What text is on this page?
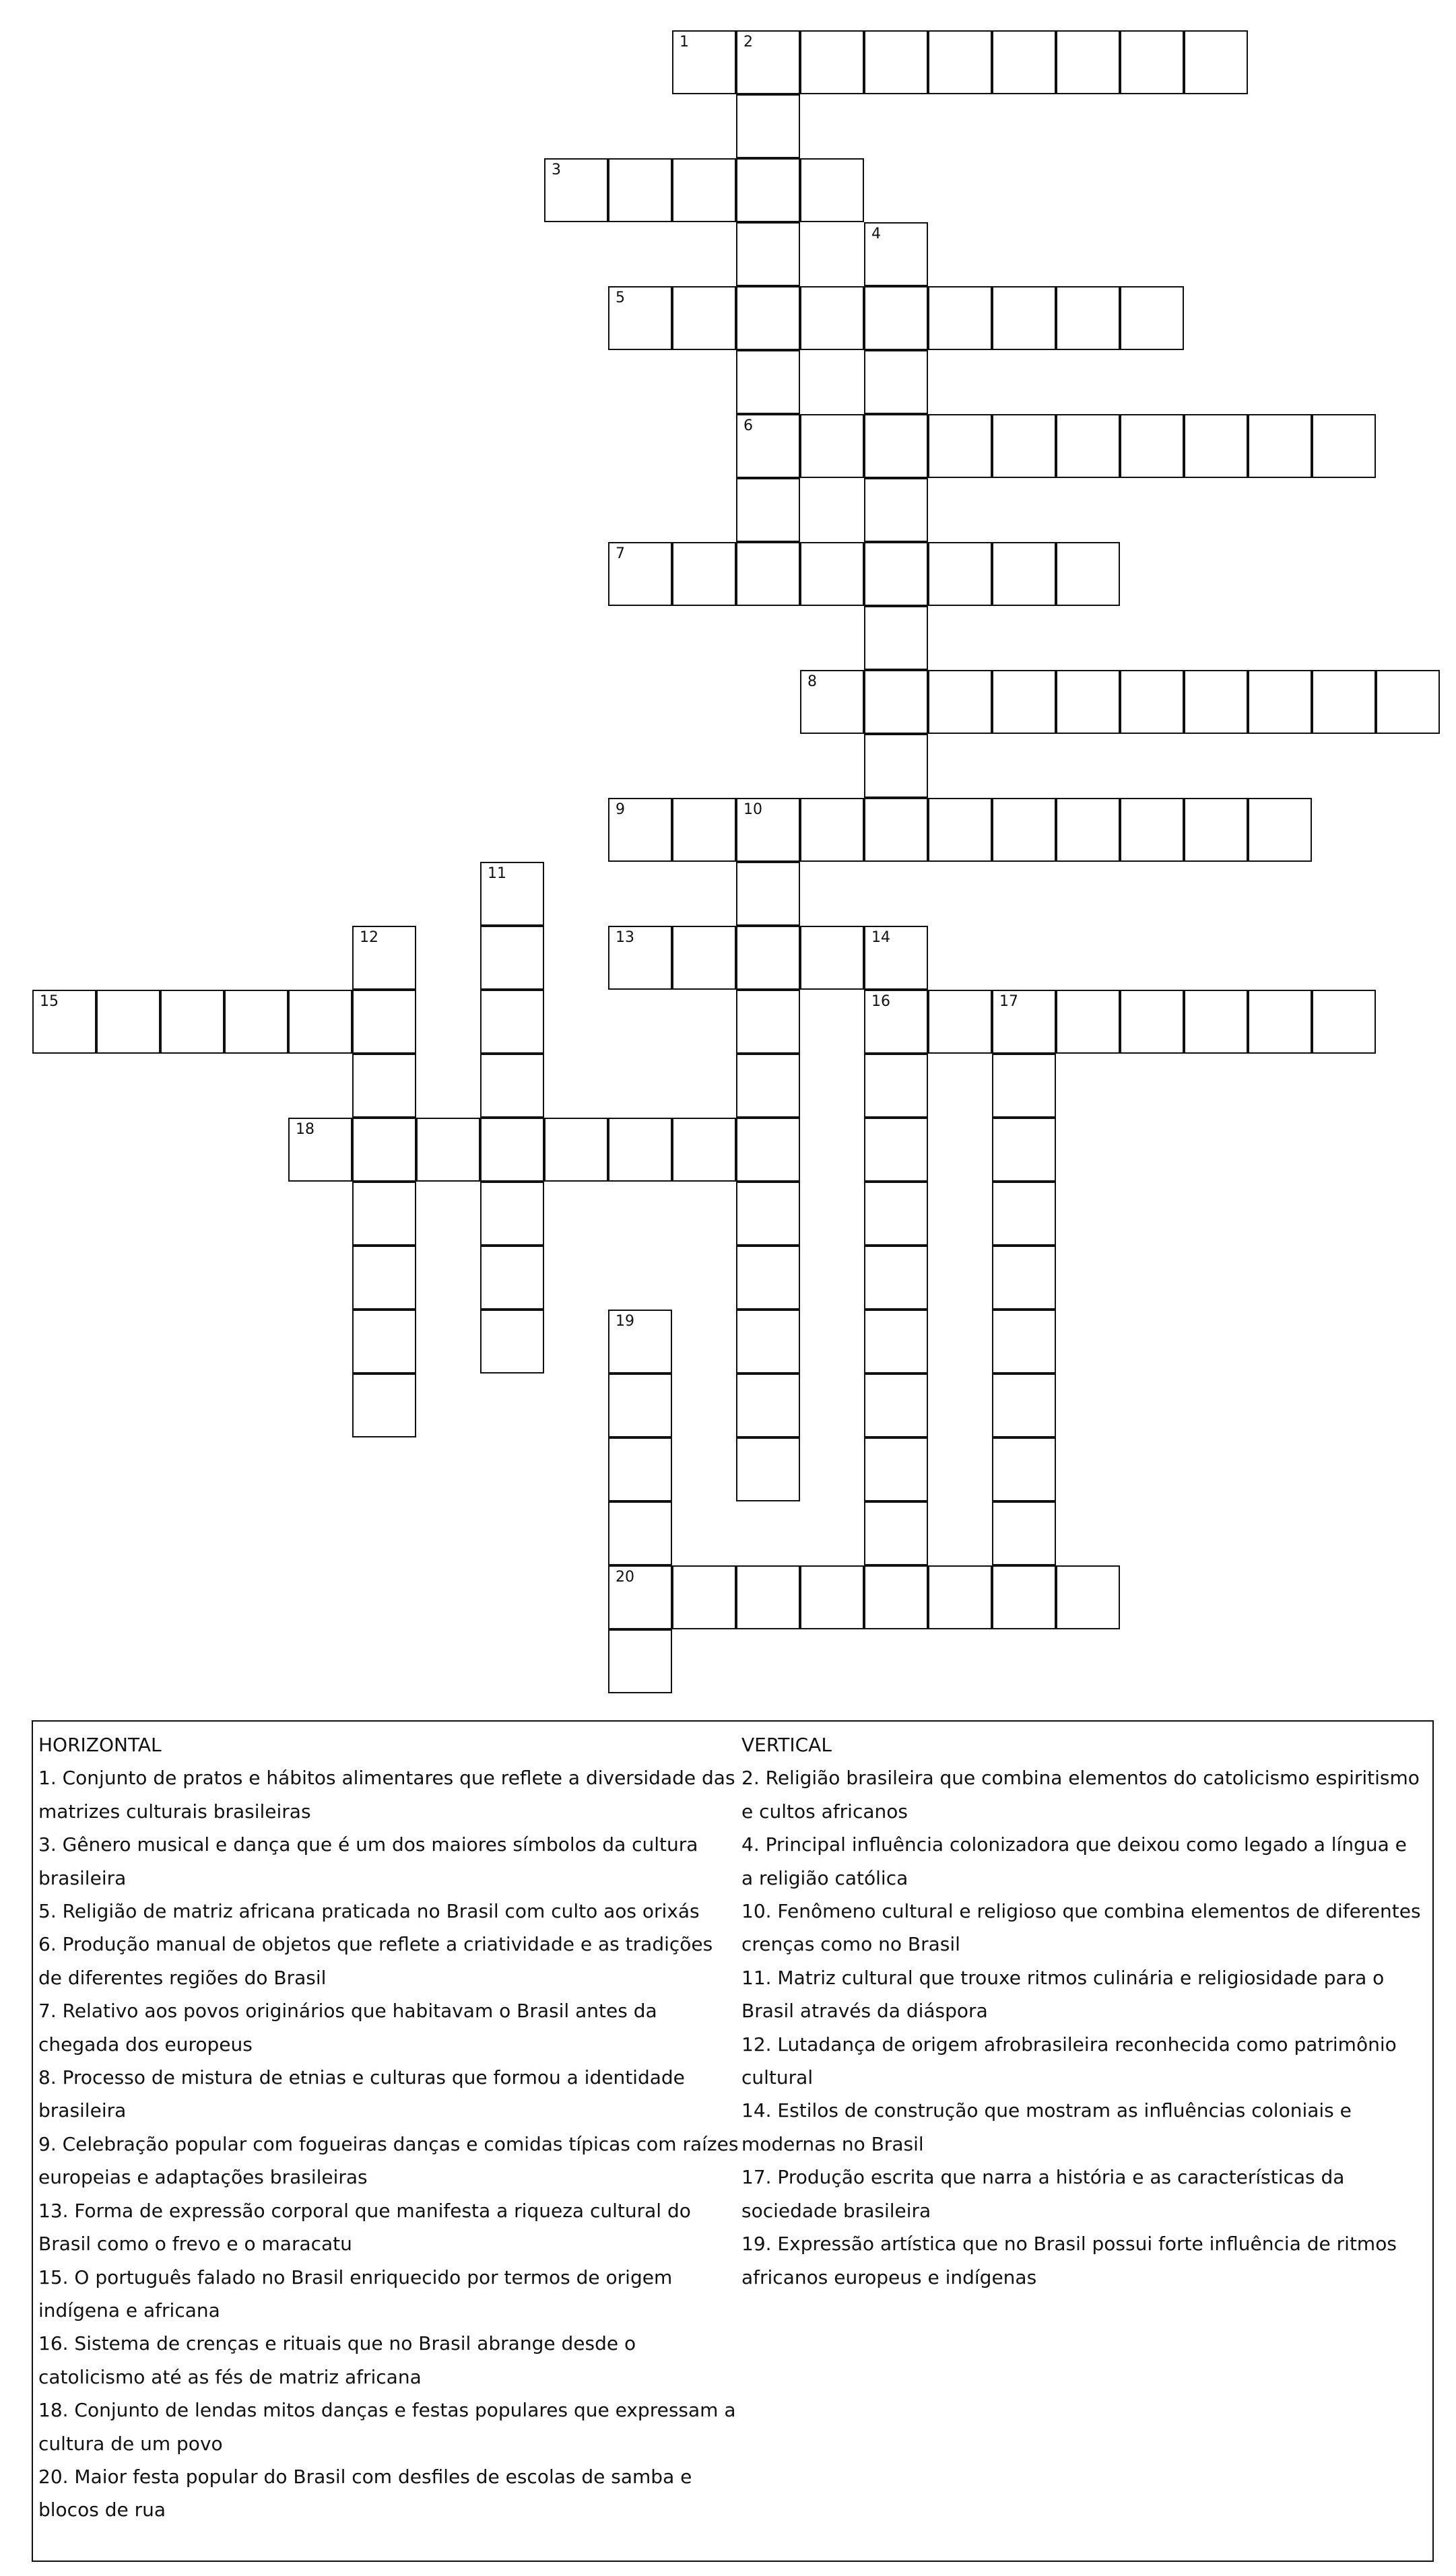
1	2
6
3
4
5
7
8
9	10
11
12	13	14
16
15	17
18
19
20
HORIZONTAL
1. Conjunto de pratos e hábitos alimentares que reflete a diversidade das matrizes culturais brasileiras
3. Gênero musical e dança que é um dos maiores símbolos da cultura brasileira
5. Religião de matriz africana praticada no Brasil com culto aos orixás
6. Produção manual de objetos que reflete a criatividade e as tradições de diferentes regiões do Brasil
7. Relativo aos povos originários que habitavam o Brasil antes da chegada dos europeus
8. Processo de mistura de etnias e culturas que formou a identidade brasileira
9. Celebração popular com fogueiras danças e comidas típicas com raízes europeias e adaptações brasileiras
13. Forma de expressão corporal que manifesta a riqueza cultural do Brasil como o frevo e o maracatu
15. O português falado no Brasil enriquecido por termos de origem indígena e africana
16. Sistema de crenças e rituais que no Brasil abrange desde o catolicismo até as fés de matriz africana
18. Conjunto de lendas mitos danças e festas populares que expressam a cultura de um povo
20. Maior festa popular do Brasil com desfiles de escolas de samba e blocos de rua
VERTICAL
2. Religião brasileira que combina elementos do catolicismo espiritismo e cultos africanos
4. Principal influência colonizadora que deixou como legado a língua e a religião católica
10. Fenômeno cultural e religioso que combina elementos de diferentes crenças como no Brasil
11. Matriz cultural que trouxe ritmos culinária e religiosidade para o Brasil através da diáspora
12. Lutadança de origem afrobrasileira reconhecida como patrimônio cultural
14. Estilos de construção que mostram as influências coloniais e modernas no Brasil
17. Produção escrita que narra a história e as características da sociedade brasileira
19. Expressão artística que no Brasil possui forte influência de ritmos africanos europeus e indígenas
